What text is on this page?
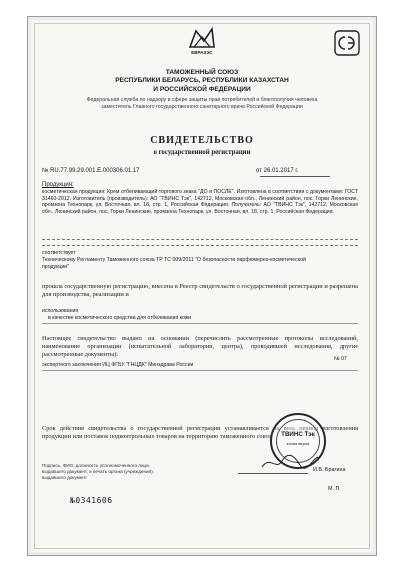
ЕВРАЗЭС
ТАМОЖЕННЫЙ СОЮЗ
РЕСПУБЛИКИ БЕЛАРУСЬ, РЕСПУБЛИКИ КАЗАХСТАН
И РОССИЙСКОЙ ФЕДЕРАЦИИ
Федеральная служба по надзору в сфере защиты прав потребителей и благополучия человека
заместитель Главного государственного санитарного врача Российской Федерации
СВИДЕТЕЛЬСТВО
о государственной регистрации
№ RU.77.99.29.001.Е.000306.01.17	от 26.01.2017 г.
Продукция:
косметическая продукция: Крем отбеливающий торгового знака "ДО и ПОСЛЕ". Изготовлена в соответствии с документами: ГОСТ 31460-2012. Изготовитель (производитель): АО "ТВИНС Тэк", 142712, Московская обл., Ленинский район, пос. Горки Ленинские, промзона Технопарк, ул. Восточная, вл. 18, стр. 1, Российская Федерация. Получатель: АО "ТВИНС Тэк", 142712, Московская обл., Ленинский район, пос. Горки Ленинские, промзона Технопарк, ул. Восточная, вл. 18, стр. 1, Российская Федерация.
соответствует
Техническому Регламенту Таможенного союза ТР ТС 009/2011 "О безопасности парфюмерно-косметической продукции"
прошла государственную регистрацию, внесена в Реестр свидетельств о государственной регистрации и разрешена для производства, реализации и
использования
в качестве косметического средства для отбеливания кожи
Настоящее свидетельство выдано на основании (перечислить рассмотренные протоколы исследований, наименование организации (испытательной лаборатории, центра), проводившей исследования, другие рассмотренные документы):
экспертного заключения ИЦ ФГБУ "ГНЦДК" Минздрава России
№ 07
Срок действия свидетельства о государственной регистрации устанавливается на весь период изготовления продукции или поставок подконтрольных товаров на территорию таможенного союза	ТВИНС Тэк
копия верна
Подпись, ФИО, должность уполномоченного лица,
выдавшего документ, и печать органа (учреждения),
выдавшего документ
И.В. Брагина
М. П.
№0341606
